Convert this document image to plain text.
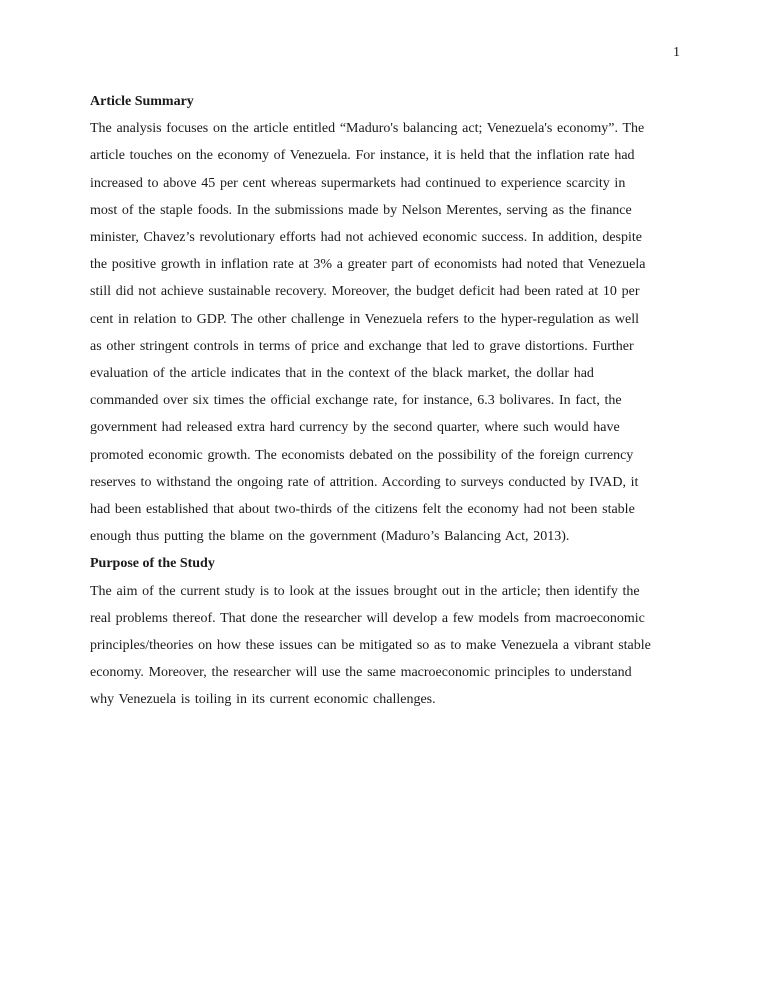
1

Article Summary

The analysis focuses on the article entitled “Maduro's balancing act; Venezuela's economy”. The

article touches on the economy of Venezuela. For instance, it is held that the inflation rate had

increased to above 45 per cent whereas supermarkets had continued to experience scarcity in

most of the staple foods. In the submissions made by Nelson Merentes, serving as the finance

minister, Chavez’s revolutionary efforts had not achieved economic success. In addition, despite

the positive growth in inflation rate at 3% a greater part of economists had noted that Venezuela

still did not achieve sustainable recovery. Moreover, the budget deficit had been rated at 10 per

cent in relation to GDP. The other challenge in Venezuela refers to the hyper-regulation as well

as other stringent controls in terms of price and exchange that led to grave distortions. Further

evaluation of the article indicates that in the context of the black market, the dollar had

commanded over six times the official exchange rate, for instance, 6.3 bolivares. In fact, the

government had released extra hard currency by the second quarter, where such would have

promoted economic growth. The economists debated on the possibility of the foreign currency

reserves to withstand the ongoing rate of attrition. According to surveys conducted by IVAD, it

had been established that about two-thirds of the citizens felt the economy had not been stable

enough thus putting the blame on the government (Maduro’s Balancing Act, 2013).

Purpose of the Study

The aim of the current study is to look at the issues brought out in the article; then identify the

real problems thereof. That done the researcher will develop a few models from macroeconomic

principles/theories on how these issues can be mitigated so as to make Venezuela a vibrant stable

economy. Moreover, the researcher will use the same macroeconomic principles to understand

why Venezuela is toiling in its current economic challenges.
